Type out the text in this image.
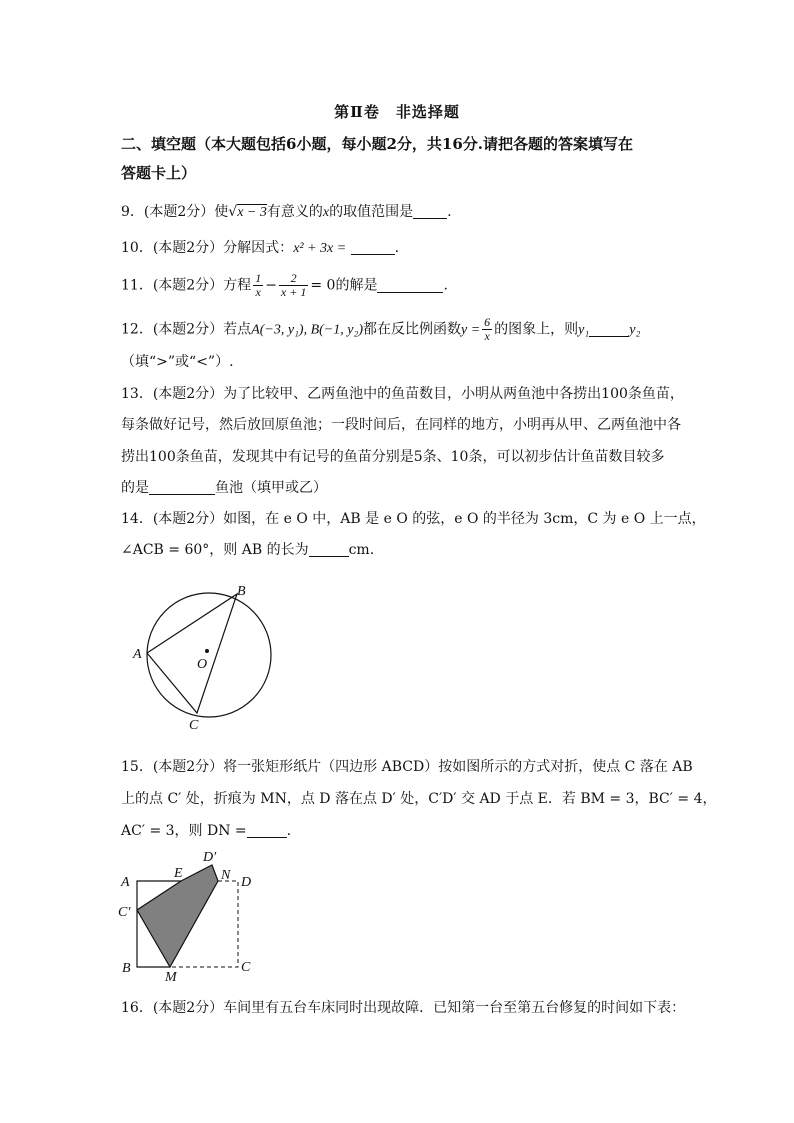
第Ⅱ卷　非选择题
二、填空题（本大题包括6小题，每小题2分，共16分.请把各题的答案填写在
答题卡上）
9．(本题2分）使√x − 3有意义的x的取值范围是 .
10．(本题2分）分解因式：x² + 3x =	.
11．(本题2分）方程 $\frac{1}{x} - \frac{2}{x + 1} = 0$的解是	.
12．(本题2分）若点A(−3, y₁), B(−1, y₂)都在反比例函数$y = \frac{6}{x}$ 的图象上，则y₁	y₂
（填“>”或“<”）.
13．(本题2分）为了比较甲、乙两鱼池中的鱼苗数目，小明从两鱼池中各捞出100条鱼苗，
每条做好记号，然后放回原鱼池；一段时间后，在同样的地方，小明再从甲、乙两鱼池中各
捞出100条鱼苗，发现其中有记号的鱼苗分别是5条、10条，可以初步估计鱼苗数目较多
的是	鱼池（填甲或乙）
14．(本题2分）如图，在 e O 中，AB 是 e O 的弦，e O 的半径为 3cm，C 为 e O 上一点，
∠ACB = 60°，则 AB 的长为	cm.
A
B
C
O
15．(本题2分）将一张矩形纸片（四边形 ABCD）按如图所示的方式对折，使点 C 落在 AB
上的点 C′ 处，折痕为 MN，点 D 落在点 D′ 处，C′D′ 交 AD 于点 E．若 BM = 3，BC′ = 4，
AC′ = 3，则 DN =	.
A
C′
B
M
C
D
N
D′
E
16．(本题2分）车间里有五台车床同时出现故障．已知第一台至第五台修复的时间如下表：
